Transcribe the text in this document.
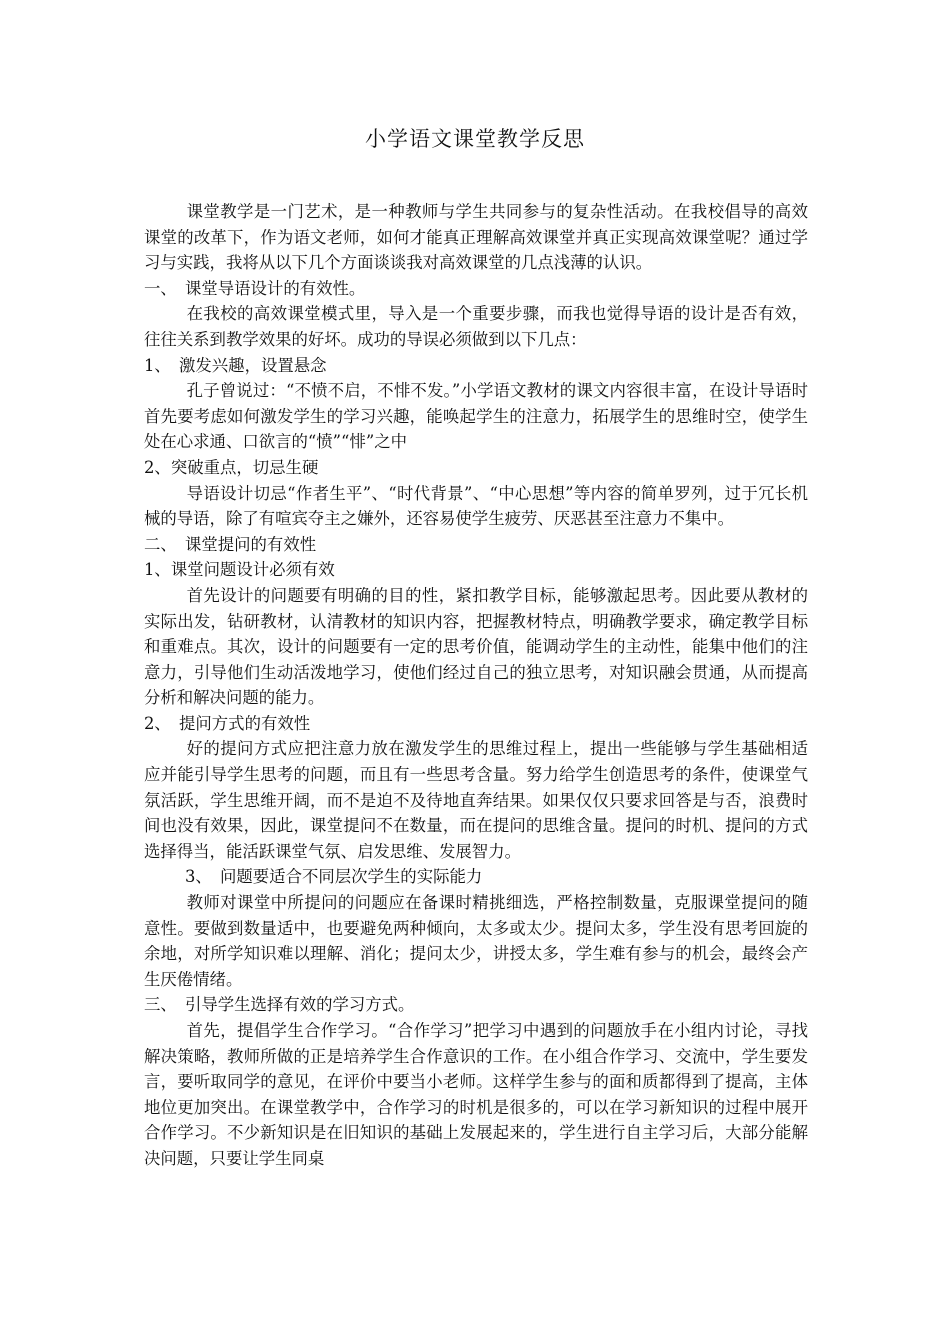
小学语文课堂教学反思

课堂教学是一门艺术，是一种教师与学生共同参与的复杂性活动。在我校倡导的高效课堂的改革下，作为语文老师，如何才能真正理解高效课堂并真正实现高效课堂呢？通过学习与实践，我将从以下几个方面谈谈我对高效课堂的几点浅薄的认识。

一、　课堂导语设计的有效性。

在我校的高效课堂模式里，导入是一个重要步骤，而我也觉得导语的设计是否有效，往往关系到教学效果的好坏。成功的导误必须做到以下几点：

1、　激发兴趣，设置悬念

孔子曾说过：“不愤不启，不悱不发。”小学语文教材的课文内容很丰富，在设计导语时首先要考虑如何激发学生的学习兴趣，能唤起学生的注意力，拓展学生的思维时空，使学生处在心求通、口欲言的“愤”“悱”之中

2、突破重点，切忌生硬

导语设计切忌“作者生平”、“时代背景”、“中心思想”等内容的简单罗列，过于冗长机械的导语，除了有喧宾夺主之嫌外，还容易使学生疲劳、厌恶甚至注意力不集中。

二、　课堂提问的有效性

1、课堂问题设计必须有效

首先设计的问题要有明确的目的性，紧扣教学目标，能够激起思考。因此要从教材的实际出发，钻研教材，认清教材的知识内容，把握教材特点，明确教学要求，确定教学目标和重难点。其次，设计的问题要有一定的思考价值，能调动学生的主动性，能集中他们的注意力，引导他们生动活泼地学习，使他们经过自己的独立思考，对知识融会贯通，从而提高分析和解决问题的能力。

2、　提问方式的有效性

好的提问方式应把注意力放在激发学生的思维过程上，提出一些能够与学生基础相适应并能引导学生思考的问题，而且有一些思考含量。努力给学生创造思考的条件，使课堂气氛活跃，学生思维开阔，而不是迫不及待地直奔结果。如果仅仅只要求回答是与否，浪费时间也没有效果，因此，课堂提问不在数量，而在提问的思维含量。提问的时机、提问的方式选择得当，能活跃课堂气氛、启发思维、发展智力。

3、　问题要适合不同层次学生的实际能力

教师对课堂中所提问的问题应在备课时精挑细选，严格控制数量，克服课堂提问的随意性。要做到数量适中，也要避免两种倾向，太多或太少。提问太多，学生没有思考回旋的余地，对所学知识难以理解、消化；提问太少，讲授太多，学生难有参与的机会，最终会产生厌倦情绪。

三、　引导学生选择有效的学习方式。

首先，提倡学生合作学习。“合作学习”把学习中遇到的问题放手在小组内讨论，寻找解决策略，教师所做的正是培养学生合作意识的工作。在小组合作学习、交流中，学生要发言，要听取同学的意见，在评价中要当小老师。这样学生参与的面和质都得到了提高，主体地位更加突出。在课堂教学中，合作学习的时机是很多的，可以在学习新知识的过程中展开合作学习。不少新知识是在旧知识的基础上发展起来的，学生进行自主学习后，大部分能解决问题，只要让学生同桌
